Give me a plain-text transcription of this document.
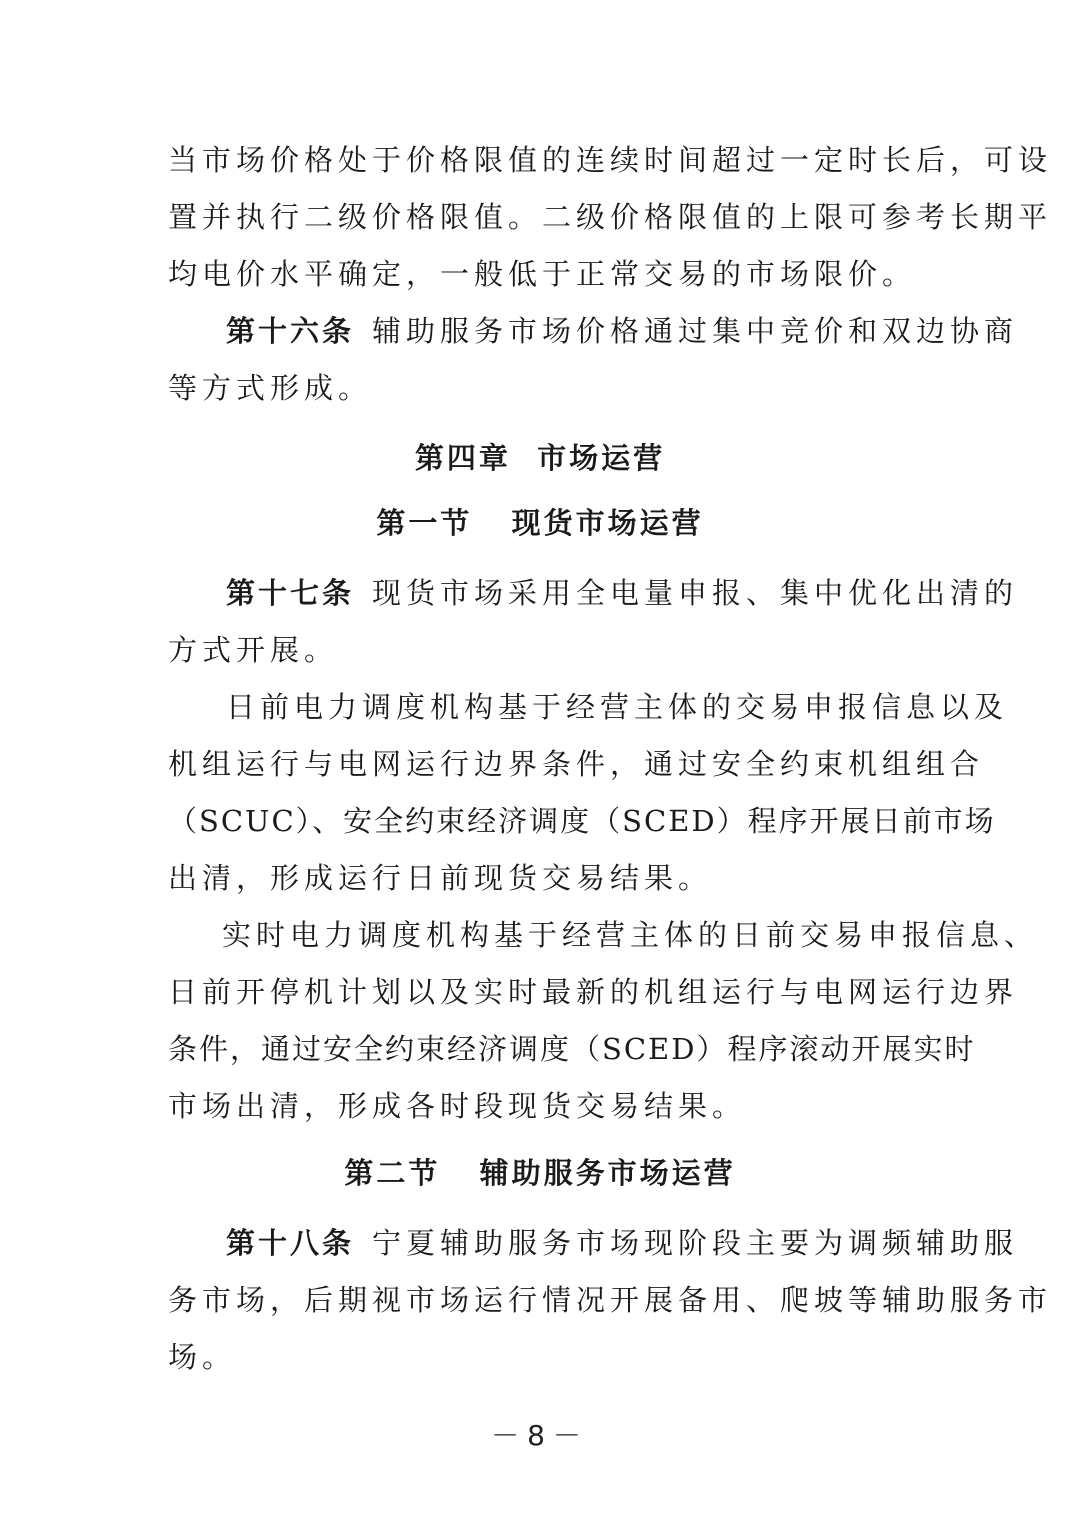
当市场价格处于价格限值的连续时间超过一定时长后，可设
置并执行二级价格限值。二级价格限值的上限可参考长期平
均电价水平确定，一般低于正常交易的市场限价。
第十六条 辅助服务市场价格通过集中竞价和双边协商
等方式形成。
第四章  市场运营
第一节   现货市场运营
第十七条 现货市场采用全电量申报、集中优化出清的
方式开展。
日前电力调度机构基于经营主体的交易申报信息以及
机组运行与电网运行边界条件，通过安全约束机组组合
（SCUC）、安全约束经济调度（SCED）程序开展日前市场
出清，形成运行日前现货交易结果。
实时电力调度机构基于经营主体的日前交易申报信息、
日前开停机计划以及实时最新的机组运行与电网运行边界
条件，通过安全约束经济调度（SCED）程序滚动开展实时
市场出清，形成各时段现货交易结果。
第二节   辅助服务市场运营
第十八条 宁夏辅助服务市场现阶段主要为调频辅助服
务市场，后期视市场运行情况开展备用、爬坡等辅助服务市
场。
－8－
